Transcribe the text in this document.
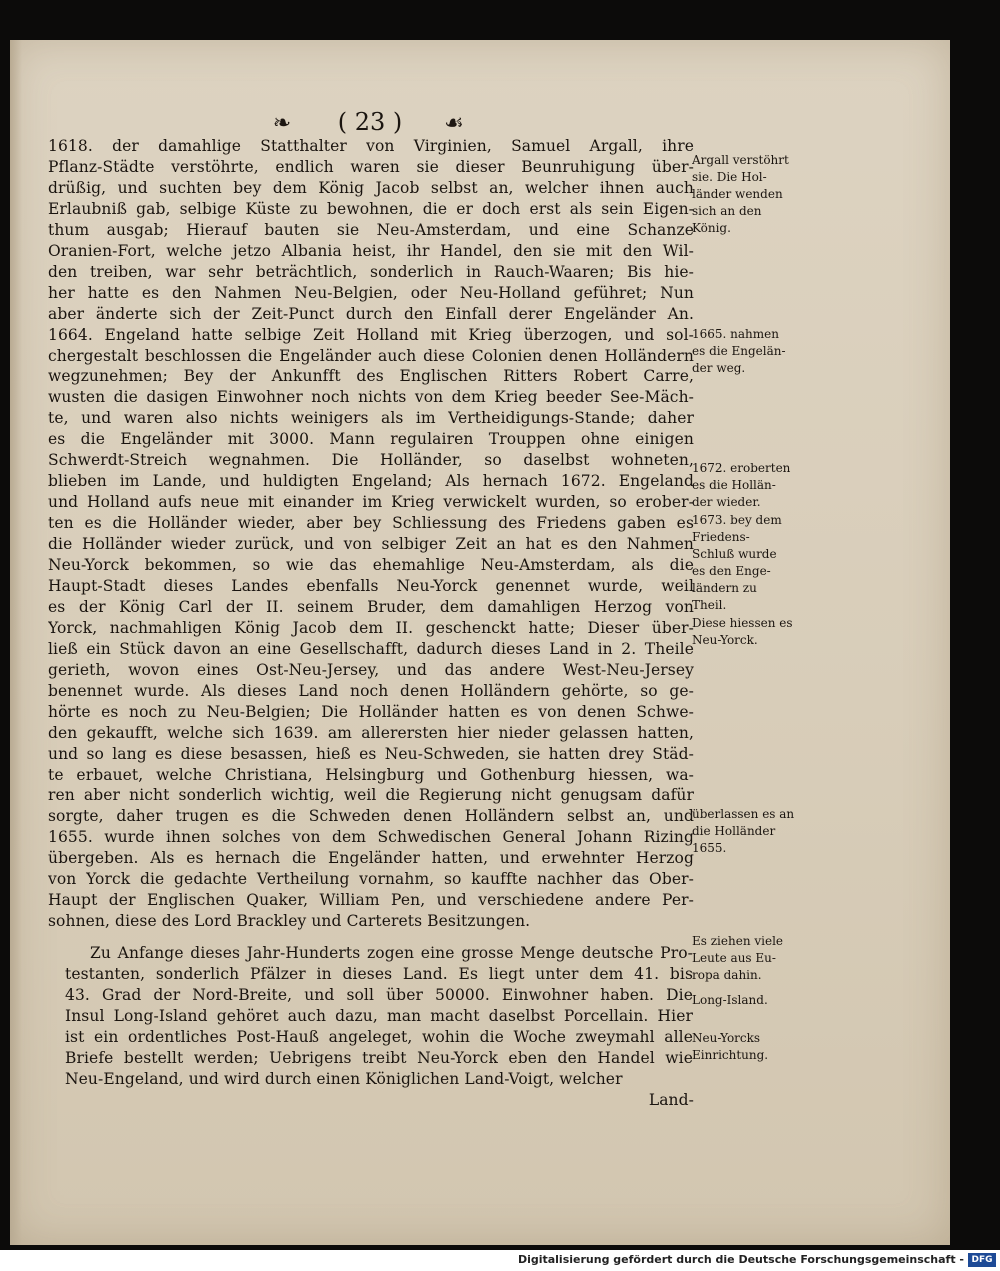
❧	( 23 )	☙
1618. der damahlige Statthalter von Virginien, Samuel Argall, ihre
Pflanz-Städte verstöhrte, endlich waren sie dieser Beunruhigung über-
drüßig, und suchten bey dem König Jacob selbst an, welcher ihnen auch
Erlaubniß gab, selbige Küste zu bewohnen, die er doch erst als sein Eigen-
thum ausgab; Hierauf bauten sie Neu-Amsterdam, und eine Schanze
Oranien-Fort, welche jetzo Albania heist, ihr Handel, den sie mit den Wil-
den treiben, war sehr beträchtlich, sonderlich in Rauch-Waaren; Bis hie-
her hatte es den Nahmen Neu-Belgien, oder Neu-Holland geführet; Nun
aber änderte sich der Zeit-Punct durch den Einfall derer Engeländer An.
1664. Engeland hatte selbige Zeit Holland mit Krieg überzogen, und sol-
chergestalt beschlossen die Engeländer auch diese Colonien denen Holländern
wegzunehmen; Bey der Ankunfft des Englischen Ritters Robert Carre,
wusten die dasigen Einwohner noch nichts von dem Krieg beeder See-Mäch-
te, und waren also nichts weinigers als im Vertheidigungs-Stande; daher
es die Engeländer mit 3000. Mann regulairen Trouppen ohne einigen
Schwerdt-Streich wegnahmen. Die Holländer, so daselbst wohneten,
blieben im Lande, und huldigten Engeland; Als hernach 1672. Engeland
und Holland aufs neue mit einander im Krieg verwickelt wurden, so erober-
ten es die Holländer wieder, aber bey Schliessung des Friedens gaben es
die Holländer wieder zurück, und von selbiger Zeit an hat es den Nahmen
Neu-Yorck bekommen, so wie das ehemahlige Neu-Amsterdam, als die
Haupt-Stadt dieses Landes ebenfalls Neu-Yorck genennet wurde, weil
es der König Carl der II. seinem Bruder, dem damahligen Herzog von
Yorck, nachmahligen König Jacob dem II. geschenckt hatte; Dieser über-
ließ ein Stück davon an eine Gesellschafft, dadurch dieses Land in 2. Theile
gerieth, wovon eines Ost-Neu-Jersey, und das andere West-Neu-Jersey
benennet wurde. Als dieses Land noch denen Holländern gehörte, so ge-
hörte es noch zu Neu-Belgien; Die Holländer hatten es von denen Schwe-
den gekaufft, welche sich 1639. am allerersten hier nieder gelassen hatten,
und so lang es diese besassen, hieß es Neu-Schweden, sie hatten drey Städ-
te erbauet, welche Christiana, Helsingburg und Gothenburg hiessen, wa-
ren aber nicht sonderlich wichtig, weil die Regierung nicht genugsam dafür
sorgte, daher trugen es die Schweden denen Holländern selbst an, und
1655. wurde ihnen solches von dem Schwedischen General Johann Rizing
übergeben. Als es hernach die Engeländer hatten, und erwehnter Herzog
von Yorck die gedachte Vertheilung vornahm, so kauffte nachher das Ober-
Haupt der Englischen Quaker, William Pen, und verschiedene andere Per-
sohnen, diese des Lord Brackley und Carterets Besitzungen.
Zu Anfange dieses Jahr-Hunderts zogen eine grosse Menge deutsche Pro-
testanten, sonderlich Pfälzer in dieses Land. Es liegt unter dem 41. bis
43. Grad der Nord-Breite, und soll über 50000. Einwohner haben. Die
Insul Long-Island gehöret auch dazu, man macht daselbst Porcellain. Hier
ist ein ordentliches Post-Hauß angeleget, wohin die Woche zweymahl alle
Briefe bestellt werden; Uebrigens treibt Neu-Yorck eben den Handel wie
Neu-Engeland, und wird durch einen Königlichen Land-Voigt, welcher
Land-
Argall verstöhrt
sie. Die Hol-
länder wenden
sich an den
König.
1665. nahmen
es die Engelän-
der weg.
1672. eroberten
es die Hollän-
der wieder.
1673. bey dem
Friedens-
Schluß wurde
es den Enge-
ländern zu
Theil.
Diese hiessen es
Neu-Yorck.
überlassen es an
die Holländer
1655.
Es ziehen viele
Leute aus Eu-
ropa dahin.
Long-Island.
Neu-Yorcks
Einrichtung.
Digitalisierung gefördert durch die Deutsche Forschungsgemeinschaft - DFG
